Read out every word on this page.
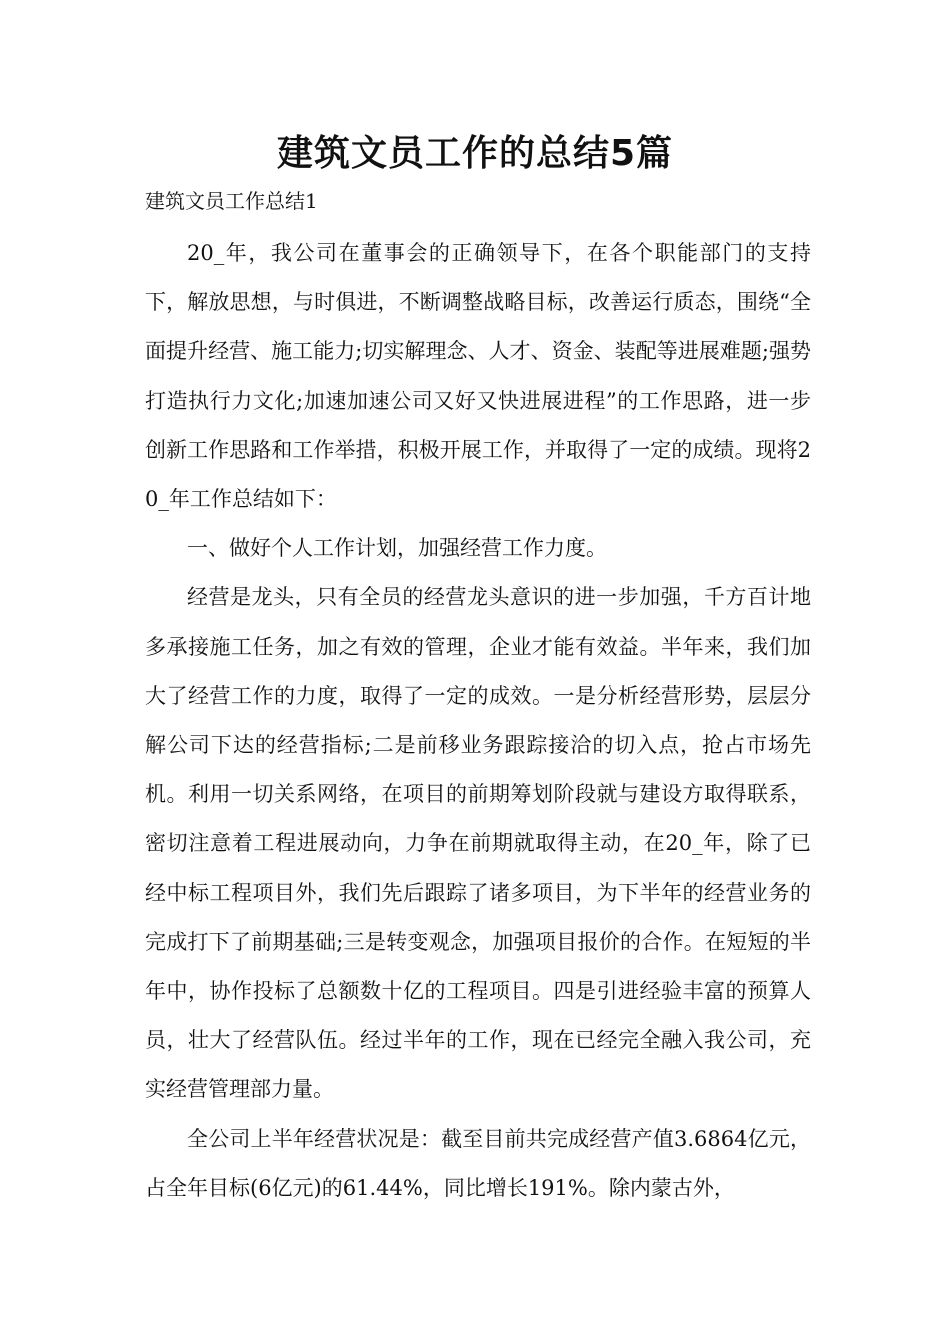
建筑文员工作的总结5篇

建筑文员工作总结1

20_年，我公司在董事会的正确领导下，在各个职能部门的支持下，解放思想，与时俱进，不断调整战略目标，改善运行质态，围绕“全面提升经营、施工能力;切实解理念、人才、资金、装配等进展难题;强势打造执行力文化;加速加速公司又好又快进展进程”的工作思路，进一步创新工作思路和工作举措，积极开展工作，并取得了一定的成绩。现将20_年工作总结如下：

一、做好个人工作计划，加强经营工作力度。

经营是龙头，只有全员的经营龙头意识的进一步加强，千方百计地多承接施工任务，加之有效的管理，企业才能有效益。半年来，我们加大了经营工作的力度，取得了一定的成效。一是分析经营形势，层层分解公司下达的经营指标;二是前移业务跟踪接洽的切入点，抢占市场先机。利用一切关系网络，在项目的前期筹划阶段就与建设方取得联系，密切注意着工程进展动向，力争在前期就取得主动，在20_年，除了已经中标工程项目外，我们先后跟踪了诸多项目，为下半年的经营业务的完成打下了前期基础;三是转变观念，加强项目报价的合作。在短短的半年中，协作投标了总额数十亿的工程项目。四是引进经验丰富的预算人员，壮大了经营队伍。经过半年的工作，现在已经完全融入我公司，充实经营管理部力量。

全公司上半年经营状况是：截至目前共完成经营产值3.6864亿元，占全年目标(6亿元)的61.44%，同比增长191%。除内蒙古外，
